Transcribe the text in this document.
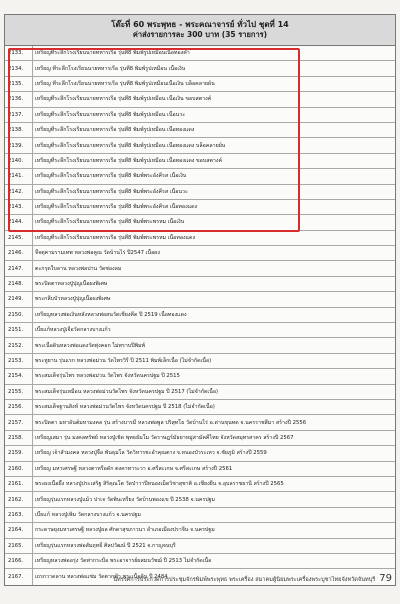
โต๊ะที่ 60 พระพุทธ - พระคณาจารย์ ทั่วไป ชุดที่ 14
ค่าส่งรายการละ 300 บาท (35 รายการ)
2133.	เหรียญที่ระลึกโรงเรียนนายทหารเรือ รุ่นที่8 พิมพ์รูปเหมือนเนื้อทองคำ
2134.	เหรียญ ที่ระลึกโรงเรียนนายทหารเรือ รุ่นที่8 พิมพ์รูปเหมือน เนื้อเงิน
2135.	เหรียญ ที่ระลึกโรงเรียนนายทหารเรือ รุ่นที่8 พิมพ์รูปเหมือนเนื้อเงิน บล็อคลายผ้น
2136.	เหรียญที่ระลึกโรงเรียนนายทหารเรือ รุ่นที่8 พิมพ์รูปเหมือน เนื้อเงิน ขอบสตางค์
2137.	เหรียญที่ระลึกโรงเรียนนายทหารเรือ รุ่นที่8 พิมพ์รูปเหมือน เนื้อนวะ
2138.	เหรียญที่ระลึกโรงเรียนนายทหารเรือ รุ่นที่8 พิมพ์รูปเหมือน เนื้อทองแดง
2139.	เหรียญที่ระลึกโรงเรียนนายทหารเรือ รุ่นที่8 พิมพ์รูปเหมือน เนื้อทองแดง บล็อคลายผ้น
2140.	เหรียญที่ระลึกโรงเรียนนายทหารเรือ รุ่นที่8 พิมพ์รูปเหมือน เนื้อทองแดง ขอบสตางค์
2141.	เหรียญที่ระลึกโรงเรียนนายทหารเรือ รุ่นที่8 พิมพ์พระอังคีรส เนื้อเงิน
2142.	เหรียญที่ระลึกโรงเรียนนายทหารเรือ รุ่นที่8 พิมพ์พระอังคีรส เนื้อนวะ
2143.	เหรียญที่ระลึกโรงเรียนนายทหารเรือ รุ่นที่8 พิมพ์พระอังคีรส เนื้อทองแดง
2144.	เหรียญที่ระลึกโรงเรียนนายทหารเรือ รุ่นที่8 พิมพ์พระพรหม เนื้อเงิน
2145.	เหรียญที่ระลึกโรงเรียนนายทหารเรือ รุ่นที่8 พิมพ์พระพรหม เนื้อทองแดง
2146.	จี้จตุคามรามเทพ หลวงพ่อคูณ วัดบ้านไร่ ปี2547 เนื้อผง
2147.	ตะกรุดใบลาน หลวงพ่อปาน วัดช่องลม
2148.	พระปิดตาหลวงปู่ปุญเนื้อผงพิเศษ
2149.	พระกลีบบัวหลวงปู่ปุญเนื้อผงพิเศษ
2150.	เหรียญหลวงพ่อเงินหลังหลวงพ่อสนวัดเชียงคีด ปี 2519 เนื้อทองแดง
2151.	เบี้ยแก้หลวงปู่เจือวัดกลางบางแก้ว
2152.	พระเนื้อดินหลวงพ่อแดงวัดทุ่งคอก ไม่ทราบปีพิมพ์
2153.	พระหูยาน รุ่นแรก หลวงพ่อม่วน วัดไพรวิรี ปี 2511 พิมพ์เล็กเนื้อ (ไม่จำกัดเนื้อ)
2154.	พระสมเด็จรุ่นไพร หลวงพ่อม่วน วัดไพร จังหวัดนครปฐม ปี 2515
2155.	พระสมเด็จรุ่นเหมือน หลวงพ่อม่วนวัดไพร จังหวัดนครปฐม ปี 2517 (ไม่จำกัดเนื้อ)
2156.	พระสมเด็จฐานสิงห์ หลวงพ่อม่วนวัดไพร จังหวัดนครปฐม ปี 2518 (ไม่จำกัดเนื้อ)
2157.	พระปิดตา มหาอันต์มหามงคล รุ่น สร้างบารมี หลวงพ่อพูล ปริสุทโธ วัดบ้านไร่ อ.ด่านขุนทด จ.นครราชสีมา สร้างปี 2556
2158.	เหรียญเสมา รุ่น มงคลทรัพย์ หลวงปู่เชิด พุทธธัมโม วัดราษฎร์มัธยาหมู่สามัคคีไทย จังหวัดสมุทรสาคร สร้างปี 2567
2159.	เหรียญ เจ้าสัวมงคล หลวงปู่จื้อ พันธุมโล วัดวิหารชะอำคุณตาง จ.หนองบัวระเหว จ.ชัยภูมิ สร้างปี 2559
2160.	เหรียญ มหาเศรษฐี หลวงตาหรือดัก ตงคาทาระวา อ.ศรีสะเกษ จ.ศรีสะเกษ สร้างปี 2561
2161.	พระผงเนื้อผึ้ง หลวงปู่ประเสริฐ สิริคุณโต วัดป่าวาปีหนองเม็ดวิชาสุชาติ อ.เชียงยืน จ.อุบลราชธานี สร้างปี 2565
2162.	เหรียญรุ่นแรกหลวงปู่แม้ว ปาเจ วัดพินเหรียง วัดบ้านพองแข ปี 2538 จ.นครปฐม
2163.	เบี้ยแก้ หลวงปู่เพิ่ม วัดกลางบางแก้ว จ.นครปฐม
2164.	กระดาษยุงมหาเศรษฐี หลวงปู่ผล ศักดาสุขภาวนา อำเภอเมืองปราจีน จ.นครปฐม
2165.	เหรียญรุ่นแรกหลวงพ่อสัมฤทธิ์ ศิลปวัฒน์ ปี 2521 จ.กาญจนบุรี
2166.	เหรียญหลวงพ่ออรุ่ง วัดท่ากระบือ พระอาจารย์ผสมนวัชฌ์ ปี 2513 ไม่จำกัดเนื้อ
2167.	เถรกวาดลาน หลวงพ่อแช่ม วัดตากฟ้า พระเนื้อดิน ปี 2484
นิทรรศการประกวดการประชุมจักรพิมพ์พระพุทธ พระเครื่อง สมาคมผู้นิยมพระเครื่องพระบูชาไทยจังหวัดจันทบุรี 79
